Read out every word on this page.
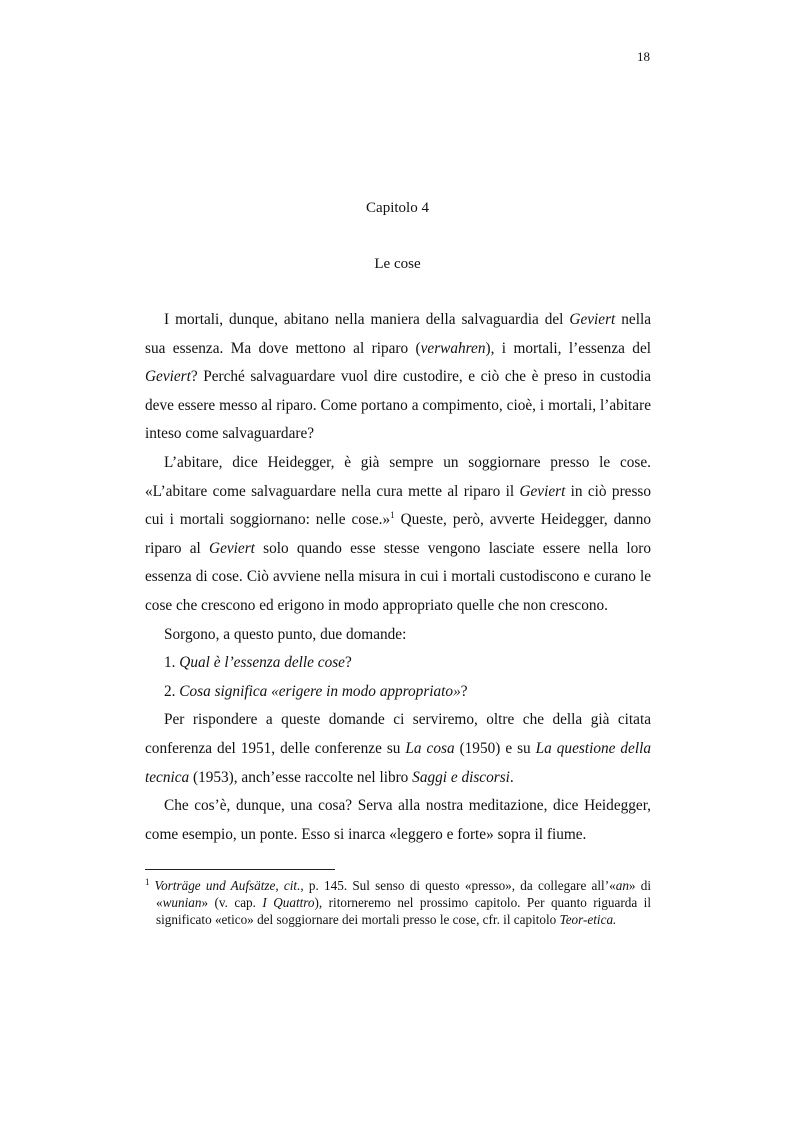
18
Capitolo 4
Le cose

I mortali, dunque, abitano nella maniera della salvaguardia del Geviert nella sua essenza. Ma dove mettono al riparo (verwahren), i mortali, l’essenza del Geviert? Perché salvaguardare vuol dire custodire, e ciò che è preso in custodia deve essere messo al riparo. Come portano a compimento, cioè, i mortali, l’abitare inteso come salvaguardare?

L’abitare, dice Heidegger, è già sempre un soggiornare presso le cose. «L’abitare come salvaguardare nella cura mette al riparo il Geviert in ciò presso cui i mortali soggiornano: nelle cose.»$^1$ Queste, però, avverte Heidegger, danno riparo al Geviert solo quando esse stesse vengono lasciate essere nella loro essenza di cose. Ciò avviene nella misura in cui i mortali custodiscono e curano le cose che crescono ed erigono in modo appropriato quelle che non crescono.

Sorgono, a questo punto, due domande:

1. Qual è l’essenza delle cose?

2. Cosa significa «erigere in modo appropriato»?

Per rispondere a queste domande ci serviremo, oltre che della già citata conferenza del 1951, delle conferenze su La cosa (1950) e su La questione della tecnica (1953), anch’esse raccolte nel libro Saggi e discorsi.

Che cos’è, dunque, una cosa? Serva alla nostra meditazione, dice Heidegger, come esempio, un ponte. Esso si inarca «leggero e forte» sopra il fiume.

$^1$ Vorträge und Aufsätze, cit., p. 145. Sul senso di questo «presso», da collegare all’«an» di «wunian» (v. cap. I Quattro), ritorneremo nel prossimo capitolo. Per quanto riguarda il significato «etico» del soggiornare dei mortali presso le cose, cfr. il capitolo Teor-etica.
